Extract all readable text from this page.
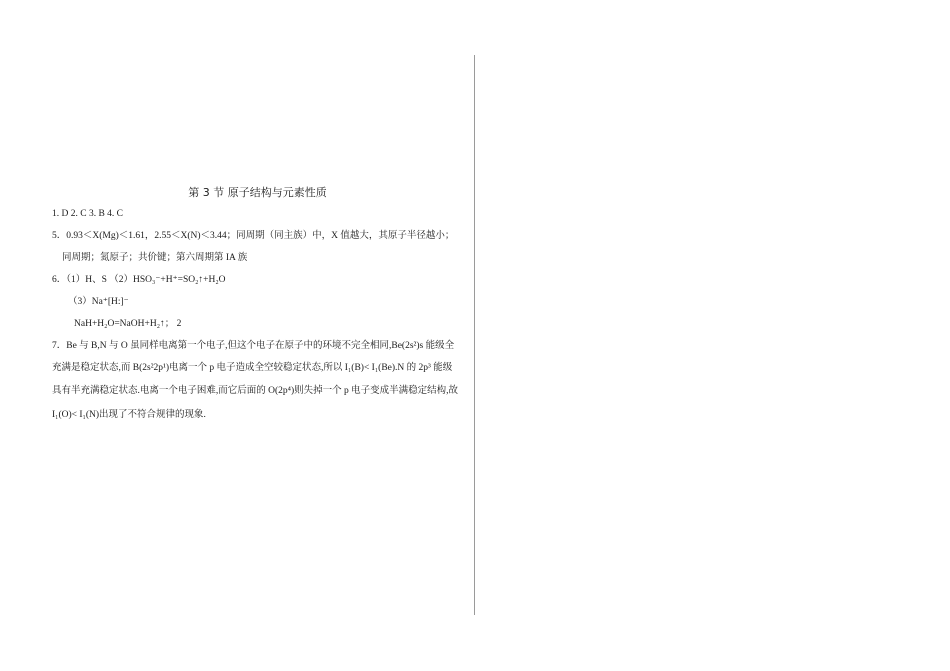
第 3 节 原子结构与元素性质
1. D 2. C 3. B 4. C
5．0.93＜X(Mg)＜1.61，2.55＜X(N)＜3.44；同周期（同主族）中，X 值越大，其原子半径越小；
同周期；氮原子；共价键；第六周期第 IA 族
6．（1）H、S （2）HSO₃⁻+H⁺=SO₂↑+H₂O
（3）Na⁺[H:]⁻
NaH+H₂O=NaOH+H₂↑； 2
7．Be 与 B,N 与 O 虽同样电离第一个电子,但这个电子在原子中的环境不完全相同,Be(2s²)s 能级全
充满是稳定状态,而 B(2s²2p¹)电离一个 p 电子造成全空较稳定状态,所以 I₁(B)< I₁(Be).N 的 2p³ 能级
具有半充满稳定状态.电离一个电子困难,而它后面的 O(2p⁴)则失掉一个 p 电子变成半满稳定结构,故
I₁(O)< I₁(N)出现了不符合规律的现象.
